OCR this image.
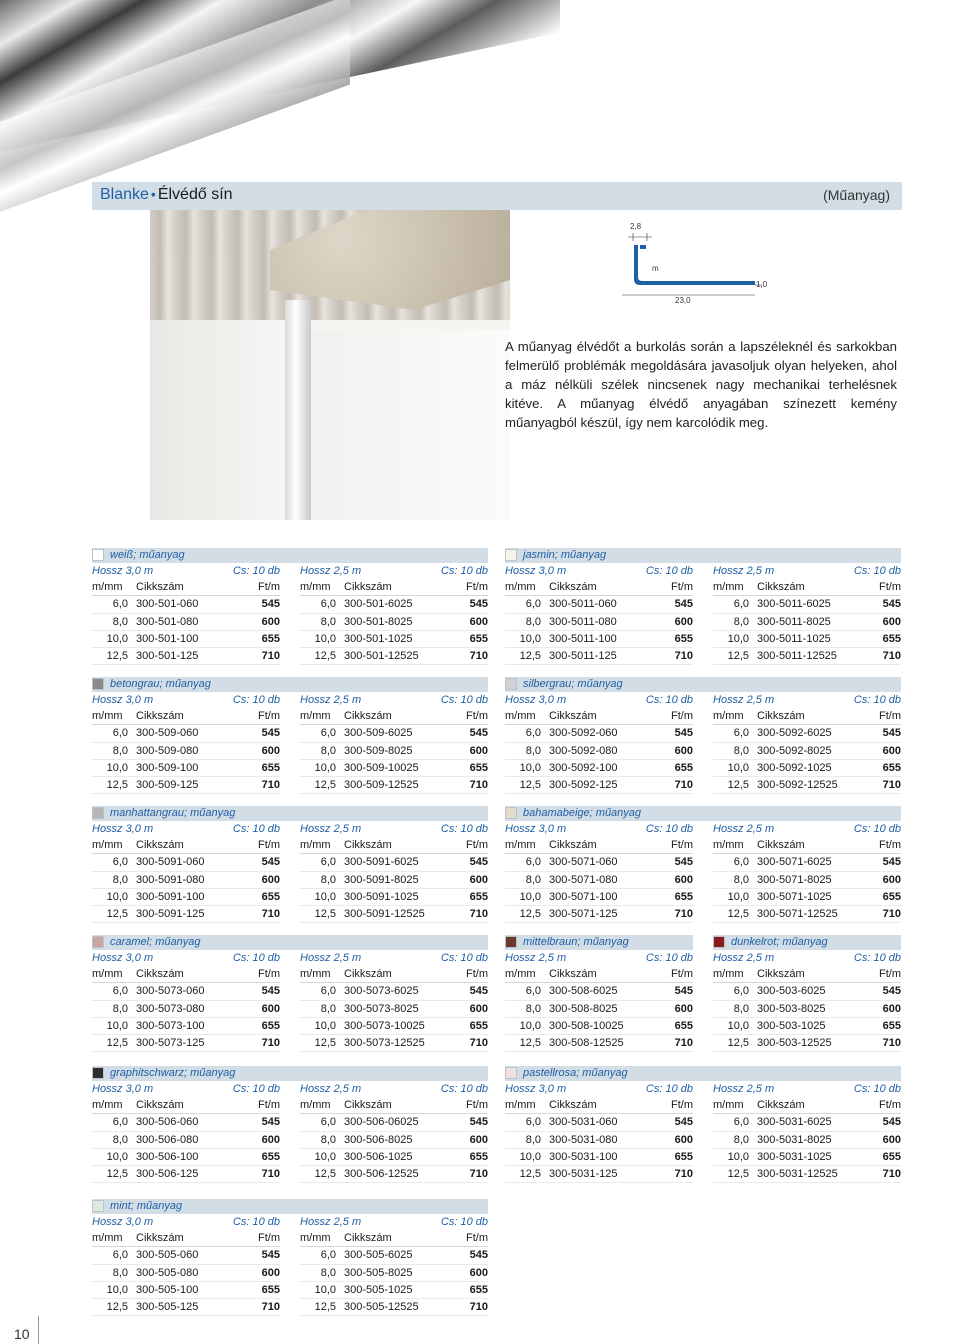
Blanke • Élvédő sín	(Műanyag)
2,8
m
23,0
1,0
A műanyag élvédőt a burkolás során a lapszéleknél és sarkokban felmerülő problémák megoldására javasoljuk olyan helyeken, ahol a máz nélküli szélek nincsenek nagy mechanikai terhelésnek kitéve. A műanyag élvédő anyagában színezett kemény műanyagból készül, így nem karcolódik meg.
weiß; műanyag
Hossz 3,0 m	Cs: 10 db
m/mm	Cikkszám	Ft/m
6,0 300-501-060	545
8,0 300-501-080	600
10,0 300-501-100	655
12,5 300-501-125	710
Hossz 2,5 m	Cs: 10 db
m/mm	Cikkszám	Ft/m
6,0 300-501-6025	545
8,0 300-501-8025	600
10,0 300-501-1025	655
12,5 300-501-12525	710
jasmin; műanyag
Hossz 3,0 m	Cs: 10 db
m/mm	Cikkszám	Ft/m
6,0 300-5011-060	545
8,0 300-5011-080	600
10,0 300-5011-100	655
12,5 300-5011-125	710
Hossz 2,5 m	Cs: 10 db
m/mm	Cikkszám	Ft/m
6,0 300-5011-6025	545
8,0 300-5011-8025	600
10,0 300-5011-1025	655
12,5 300-5011-12525	710
betongrau; műanyag
Hossz 3,0 m	Cs: 10 db
m/mm	Cikkszám	Ft/m
6,0 300-509-060	545
8,0 300-509-080	600
10,0 300-509-100	655
12,5 300-509-125	710
Hossz 2,5 m	Cs: 10 db
m/mm	Cikkszám	Ft/m
6,0 300-509-6025	545
8,0 300-509-8025	600
10,0 300-509-10025	655
12,5 300-509-12525	710
silbergrau; műanyag
Hossz 3,0 m	Cs: 10 db
m/mm	Cikkszám	Ft/m
6,0 300-5092-060	545
8,0 300-5092-080	600
10,0 300-5092-100	655
12,5 300-5092-125	710
Hossz 2,5 m	Cs: 10 db
m/mm	Cikkszám	Ft/m
6,0 300-5092-6025	545
8,0 300-5092-8025	600
10,0 300-5092-1025	655
12,5 300-5092-12525	710
manhattangrau; műanyag
Hossz 3,0 m	Cs: 10 db
m/mm	Cikkszám	Ft/m
6,0 300-5091-060	545
8,0 300-5091-080	600
10,0 300-5091-100	655
12,5 300-5091-125	710
Hossz 2,5 m	Cs: 10 db
m/mm	Cikkszám	Ft/m
6,0 300-5091-6025	545
8,0 300-5091-8025	600
10,0 300-5091-1025	655
12,5 300-5091-12525	710
bahamabeige; műanyag
Hossz 3,0 m	Cs: 10 db
m/mm	Cikkszám	Ft/m
6,0 300-5071-060	545
8,0 300-5071-080	600
10,0 300-5071-100	655
12,5 300-5071-125	710
Hossz 2,5 m	Cs: 10 db
m/mm	Cikkszám	Ft/m
6,0 300-5071-6025	545
8,0 300-5071-8025	600
10,0 300-5071-1025	655
12,5 300-5071-12525	710
caramel; műanyag
Hossz 3,0 m	Cs: 10 db
m/mm	Cikkszám	Ft/m
6,0 300-5073-060	545
8,0 300-5073-080	600
10,0 300-5073-100	655
12,5 300-5073-125	710
Hossz 2,5 m	Cs: 10 db
m/mm	Cikkszám	Ft/m
6,0 300-5073-6025	545
8,0 300-5073-8025	600
10,0 300-5073-10025	655
12,5 300-5073-12525	710
mittelbraun; műanyag	dunkelrot; műanyag
Hossz 2,5 m	Cs: 10 db
m/mm	Cikkszám	Ft/m
6,0 300-508-6025	545
8,0 300-508-8025	600
10,0 300-508-10025	655
12,5 300-508-12525	710
Hossz 2,5 m	Cs: 10 db
m/mm	Cikkszám	Ft/m
6,0 300-503-6025	545
8,0 300-503-8025	600
10,0 300-503-1025	655
12,5 300-503-12525	710
graphitschwarz; műanyag
Hossz 3,0 m	Cs: 10 db
m/mm	Cikkszám	Ft/m
6,0 300-506-060	545
8,0 300-506-080	600
10,0 300-506-100	655
12,5 300-506-125	710
Hossz 2,5 m	Cs: 10 db
m/mm	Cikkszám	Ft/m
6,0 300-506-06025	545
8,0 300-506-8025	600
10,0 300-506-1025	655
12,5 300-506-12525	710
pastellrosa; műanyag
Hossz 3,0 m	Cs: 10 db
m/mm	Cikkszám	Ft/m
6,0 300-5031-060	545
8,0 300-5031-080	600
10,0 300-5031-100	655
12,5 300-5031-125	710
Hossz 2,5 m	Cs: 10 db
m/mm	Cikkszám	Ft/m
6,0 300-5031-6025	545
8,0 300-5031-8025	600
10,0 300-5031-1025	655
12,5 300-5031-12525	710
mint; műanyag
Hossz 3,0 m	Cs: 10 db
m/mm	Cikkszám	Ft/m
6,0 300-505-060	545
8,0 300-505-080	600
10,0 300-505-100	655
12,5 300-505-125	710
Hossz 2,5 m	Cs: 10 db
m/mm	Cikkszám	Ft/m
6,0 300-505-6025	545
8,0 300-505-8025	600
10,0 300-505-1025	655
12,5 300-505-12525	710
10
